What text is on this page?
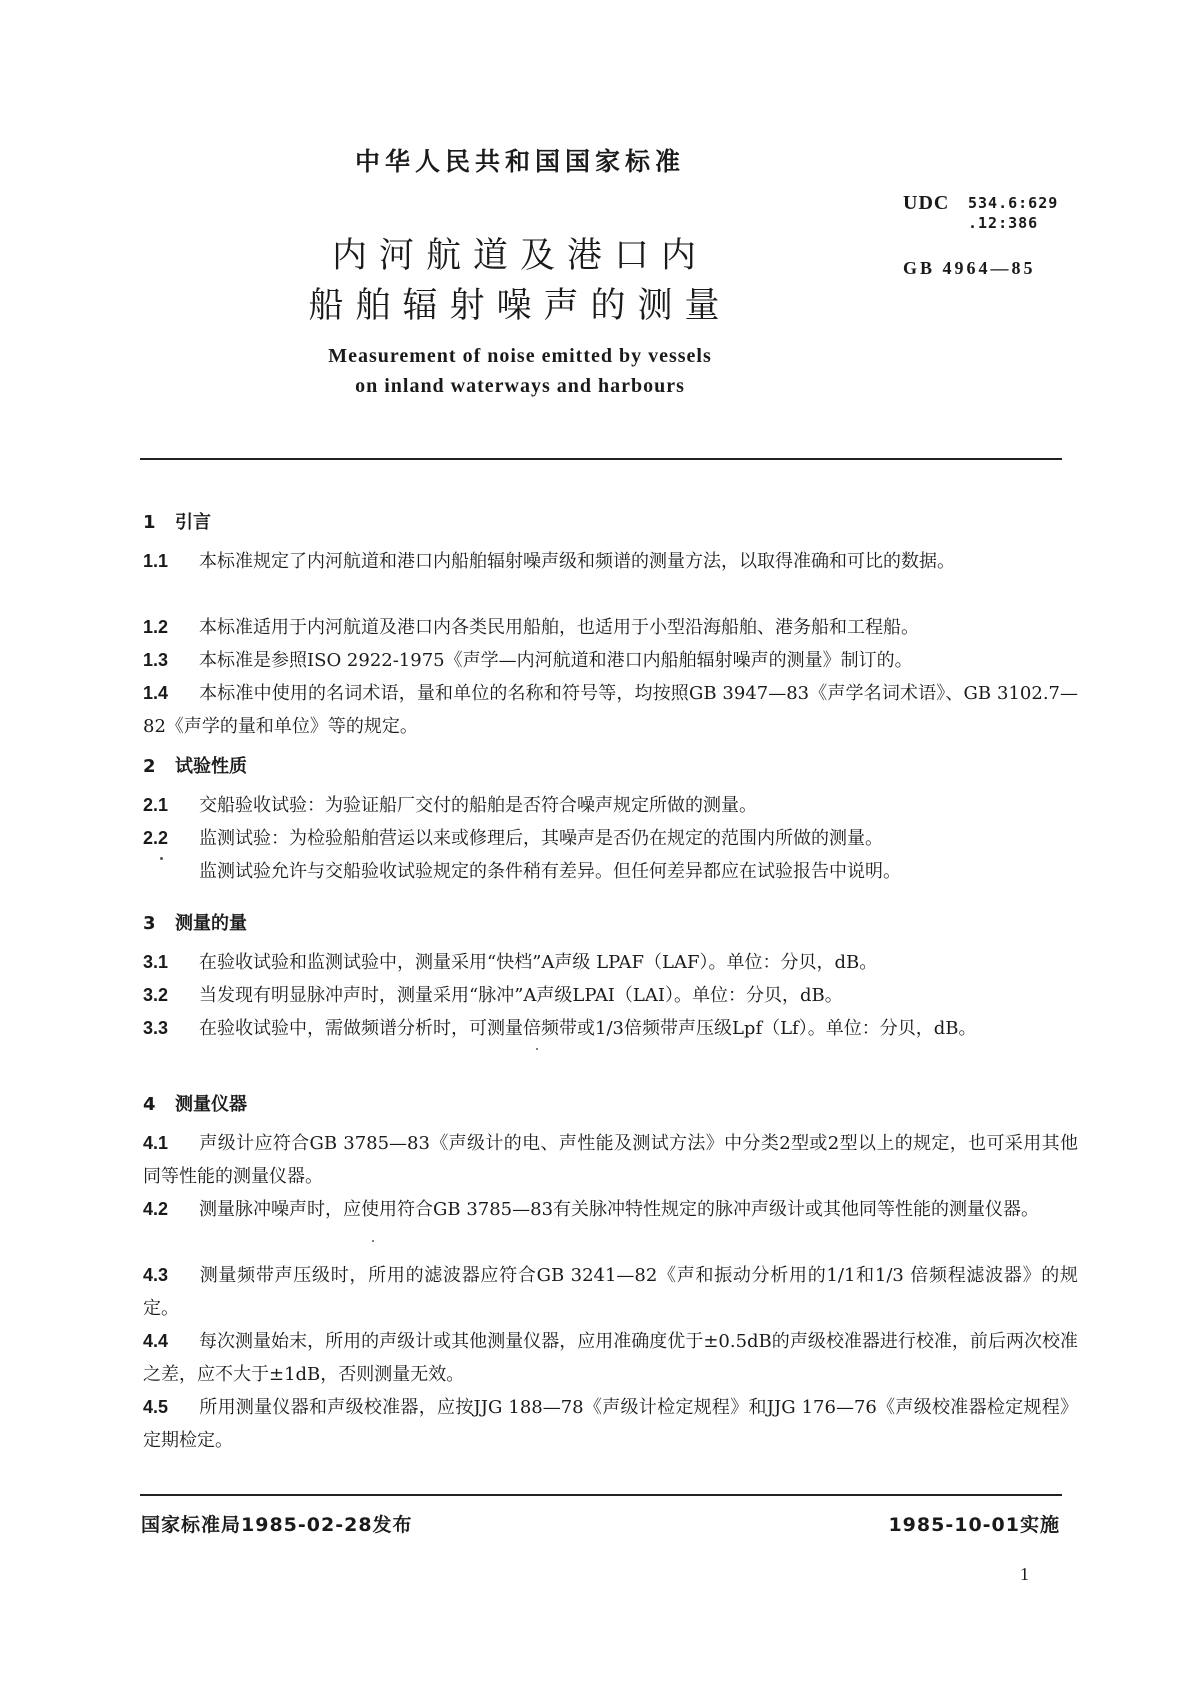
中华人民共和国国家标准
UDC 534.6:629
.12:386
GB 4964—85
内河航道及港口内
船舶辐射噪声的测量
Measurement of noise emitted by vessels
on inland waterways and harbours
1 引言
1.1 本标准规定了内河航道和港口内船舶辐射噪声级和频谱的测量方法，以取得准确和可比的数据。
1.2 本标准适用于内河航道及港口内各类民用船舶，也适用于小型沿海船舶、港务船和工程船。
1.3 本标准是参照ISO 2922-1975《声学—内河航道和港口内船舶辐射噪声的测量》制订的。
1.4 本标准中使用的名词术语，量和单位的名称和符号等，均按照GB 3947—83《声学名词术语》、GB 3102.7—82《声学的量和单位》等的规定。
2 试验性质
2.1 交船验收试验：为验证船厂交付的船舶是否符合噪声规定所做的测量。
2.2 监测试验：为检验船舶营运以来或修理后，其噪声是否仍在规定的范围内所做的测量。
监测试验允许与交船验收试验规定的条件稍有差异。但任何差异都应在试验报告中说明。
3 测量的量
3.1 在验收试验和监测试验中，测量采用“快档”A声级 LPAF（LAF）。单位：分贝，dB。
3.2 当发现有明显脉冲声时，测量采用“脉冲”A声级LPAI（LAI）。单位：分贝，dB。
3.3 在验收试验中，需做频谱分析时，可测量倍频带或1/3倍频带声压级Lpf（Lf）。单位：分贝，dB。
4 测量仪器
4.1 声级计应符合GB 3785—83《声级计的电、声性能及测试方法》中分类2型或2型以上的规定，也可采用其他同等性能的测量仪器。
4.2 测量脉冲噪声时，应使用符合GB 3785—83有关脉冲特性规定的脉冲声级计或其他同等性能的测量仪器。
4.3 测量频带声压级时，所用的滤波器应符合GB 3241—82《声和振动分析用的1/1和1/3 倍频程滤波器》的规定。
4.4 每次测量始末，所用的声级计或其他测量仪器，应用准确度优于±0.5dB的声级校准器进行校准，前后两次校准之差，应不大于±1dB，否则测量无效。
4.5 所用测量仪器和声级校准器，应按JJG 188—78《声级计检定规程》和JJG 176—76《声级校准器检定规程》定期检定。
国家标准局1985-02-28发布	1985-10-01实施
1
